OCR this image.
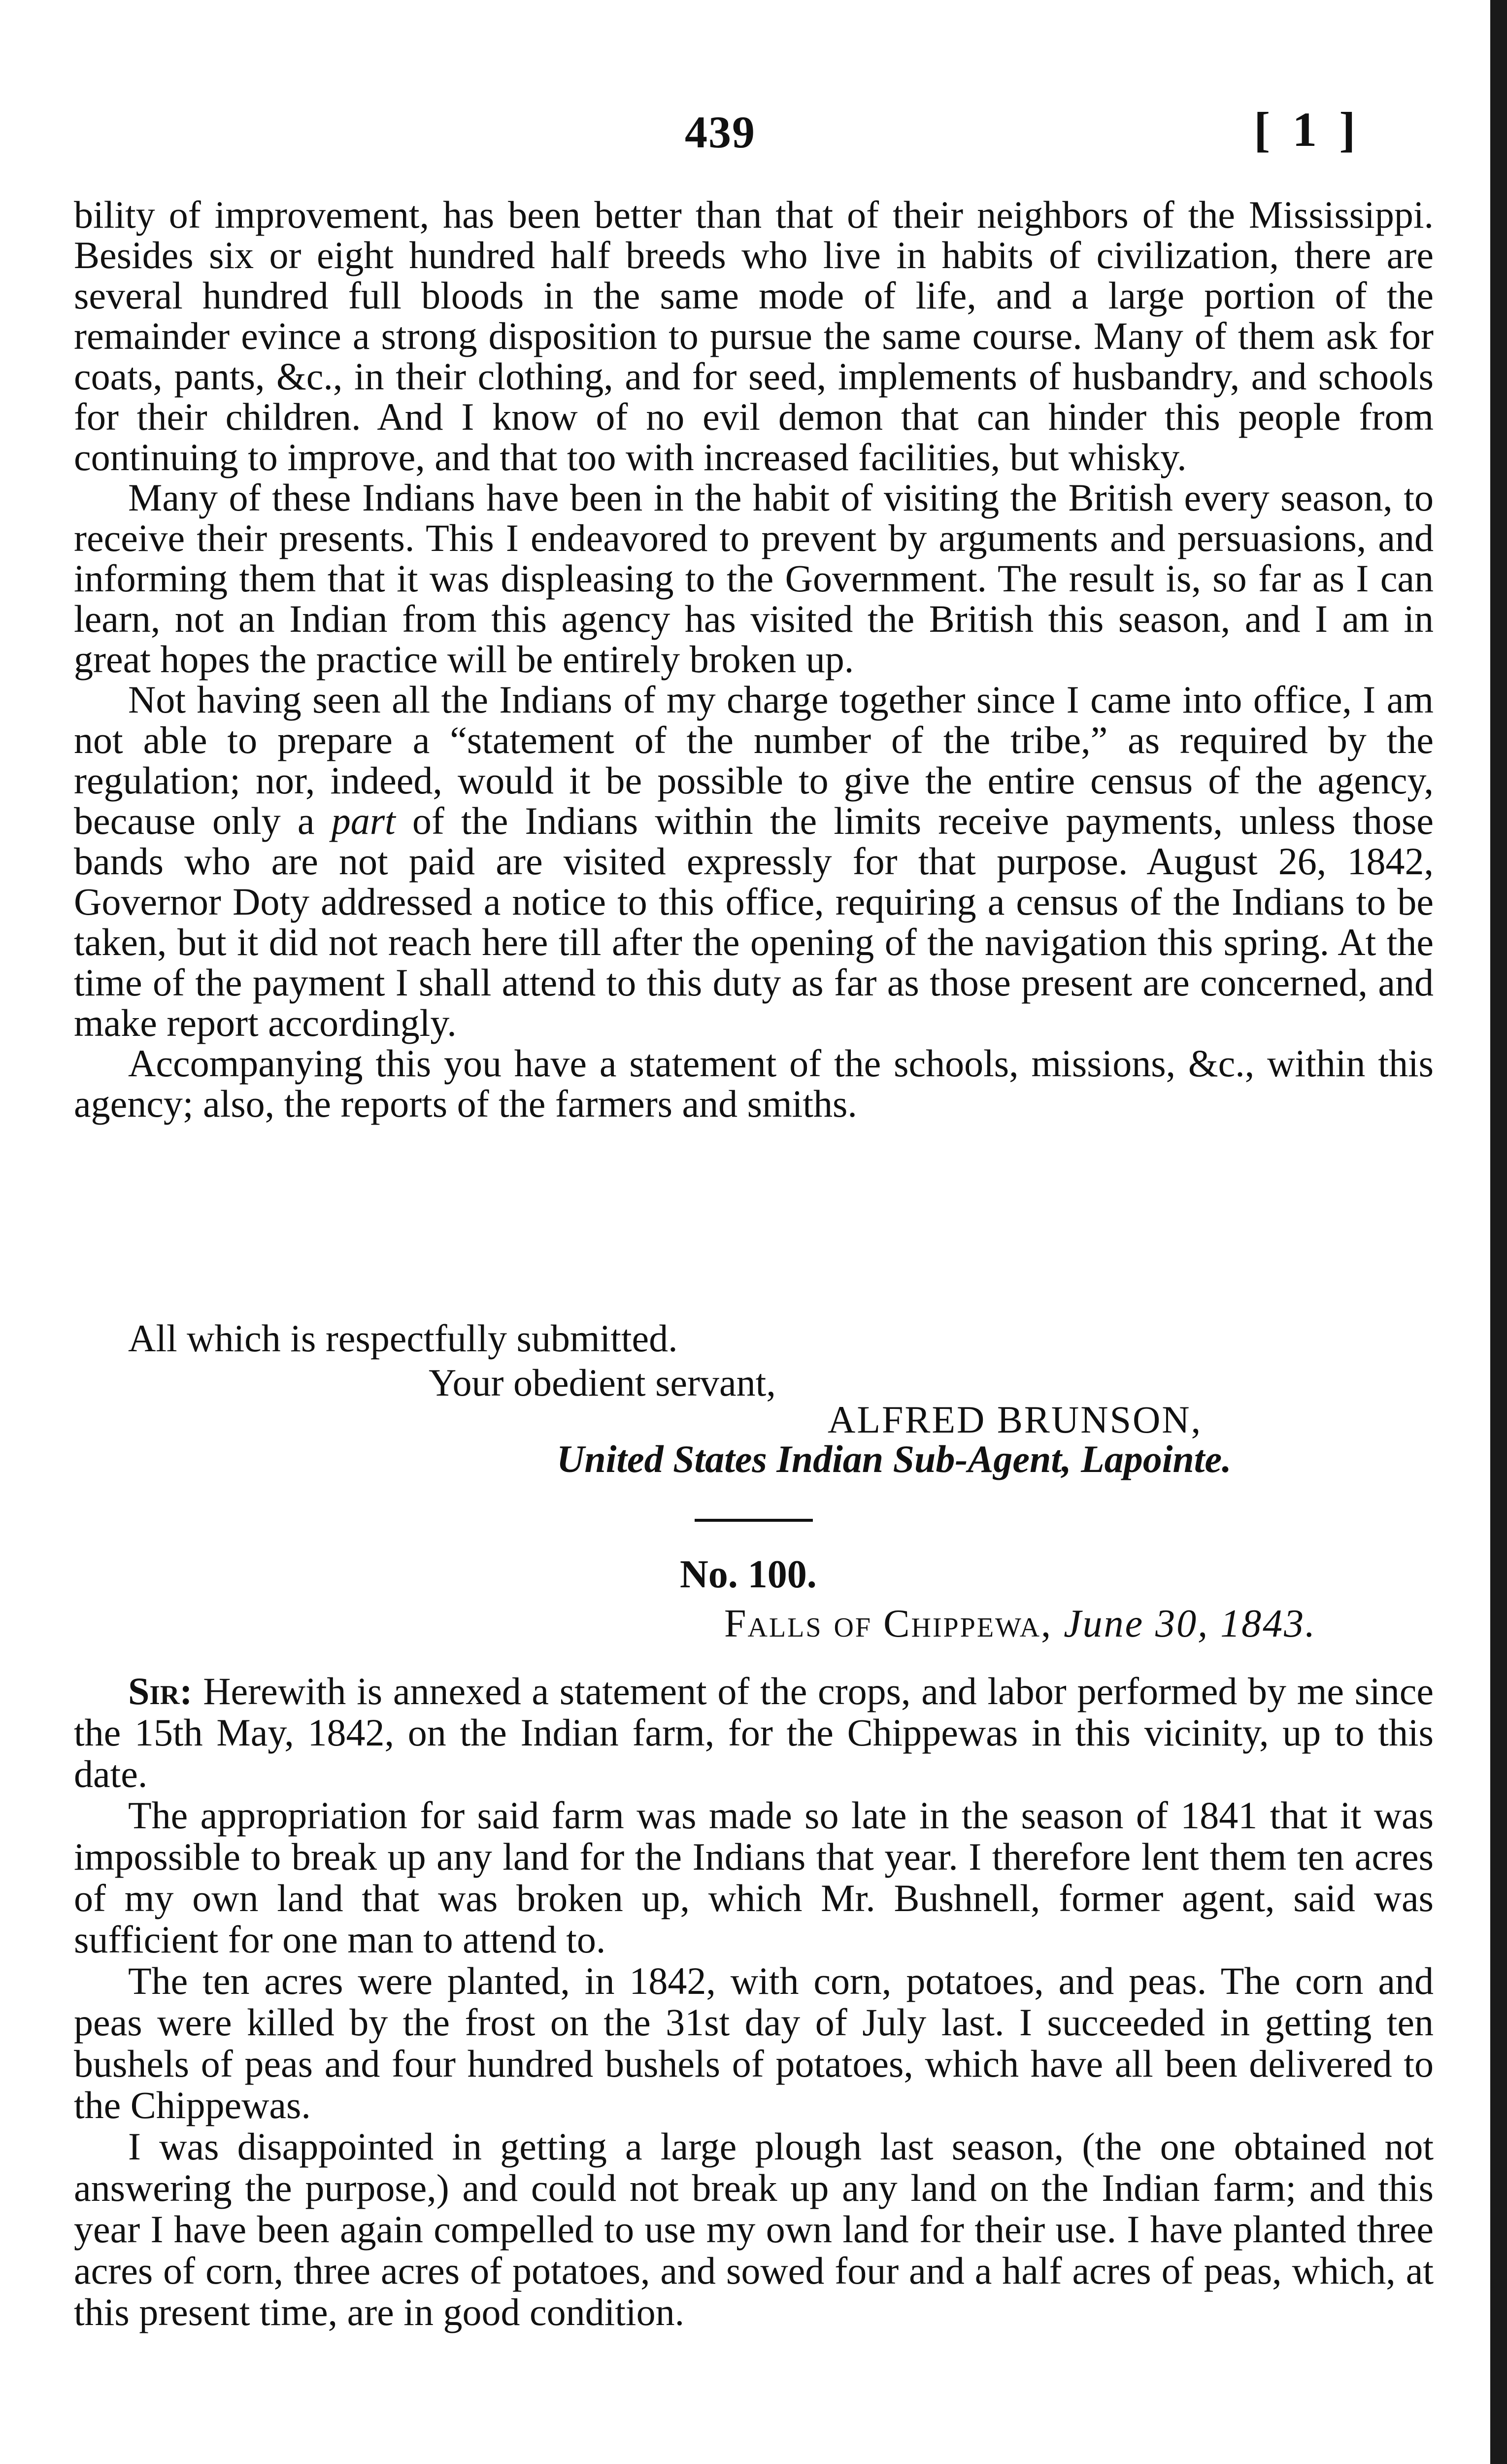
439	[ 1 ]

bility of improvement, has been better than that of their neighbors of the Mississippi. Besides six or eight hundred half breeds who live in habits of civilization, there are several hundred full bloods in the same mode of life, and a large portion of the remainder evince a strong disposition to pursue the same course. Many of them ask for coats, pants, &c., in their clothing, and for seed, implements of husbandry, and schools for their children. And I know of no evil demon that can hinder this people from continuing to improve, and that too with increased facilities, but whisky.

Many of these Indians have been in the habit of visiting the British every season, to receive their presents. This I endeavored to prevent by arguments and persuasions, and informing them that it was displeasing to the Government. The result is, so far as I can learn, not an Indian from this agency has visited the British this season, and I am in great hopes the practice will be entirely broken up.

Not having seen all the Indians of my charge together since I came into office, I am not able to prepare a “statement of the number of the tribe,” as required by the regulation; nor, indeed, would it be possible to give the entire census of the agency, because only a part of the Indians within the limits receive payments, unless those bands who are not paid are visited expressly for that purpose. August 26, 1842, Governor Doty addressed a notice to this office, requiring a census of the Indians to be taken, but it did not reach here till after the opening of the navigation this spring. At the time of the payment I shall attend to this duty as far as those present are concerned, and make report accordingly.

Accompanying this you have a statement of the schools, missions, &c., within this agency; also, the reports of the farmers and smiths.

All which is respectfully submitted.
Your obedient servant,
ALFRED BRUNSON,
United States Indian Sub-Agent, Lapointe.
No. 100.
Falls of Chippewa, June 30, 1843.

Sir: Herewith is annexed a statement of the crops, and labor performed by me since the 15th May, 1842, on the Indian farm, for the Chippewas in this vicinity, up to this date.

The appropriation for said farm was made so late in the season of 1841 that it was impossible to break up any land for the Indians that year. I therefore lent them ten acres of my own land that was broken up, which Mr. Bushnell, former agent, said was sufficient for one man to attend to.

The ten acres were planted, in 1842, with corn, potatoes, and peas. The corn and peas were killed by the frost on the 31st day of July last. I succeeded in getting ten bushels of peas and four hundred bushels of potatoes, which have all been delivered to the Chippewas.

I was disappointed in getting a large plough last season, (the one obtained not answering the purpose,) and could not break up any land on the Indian farm; and this year I have been again compelled to use my own land for their use. I have planted three acres of corn, three acres of potatoes, and sowed four and a half acres of peas, which, at this present time, are in good condition.
